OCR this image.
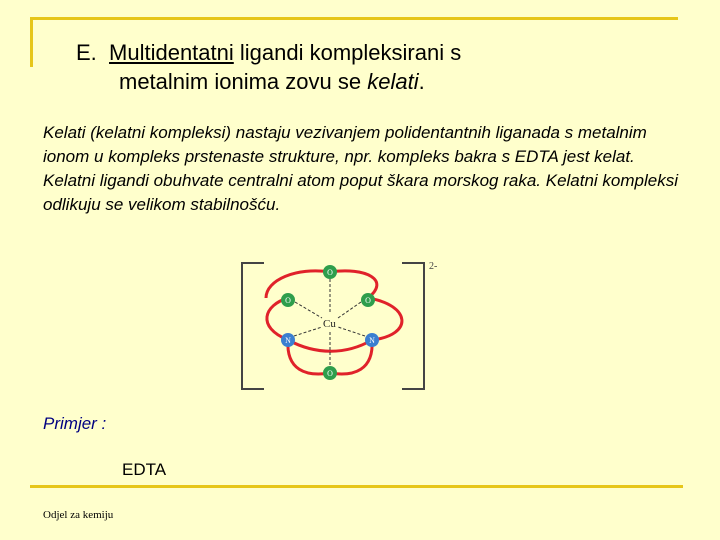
E. Multidentatni ligandi kompleksirani s
metalnim ionima zovu se kelati.
Kelati (kelatni kompleksi) nastaju vezivanjem polidentantnih liganada s metalnim ionom u kompleks prstenaste strukture, npr. kompleks bakra s EDTA jest kelat. Kelatni ligandi obuhvate centralni atom poput škara morskog raka. Kelatni kompleksi odlikuju se velikom stabilnošću.
2-
Cu
O
O	O
N	N
O
Primjer :
EDTA
Odjel za kemiju
